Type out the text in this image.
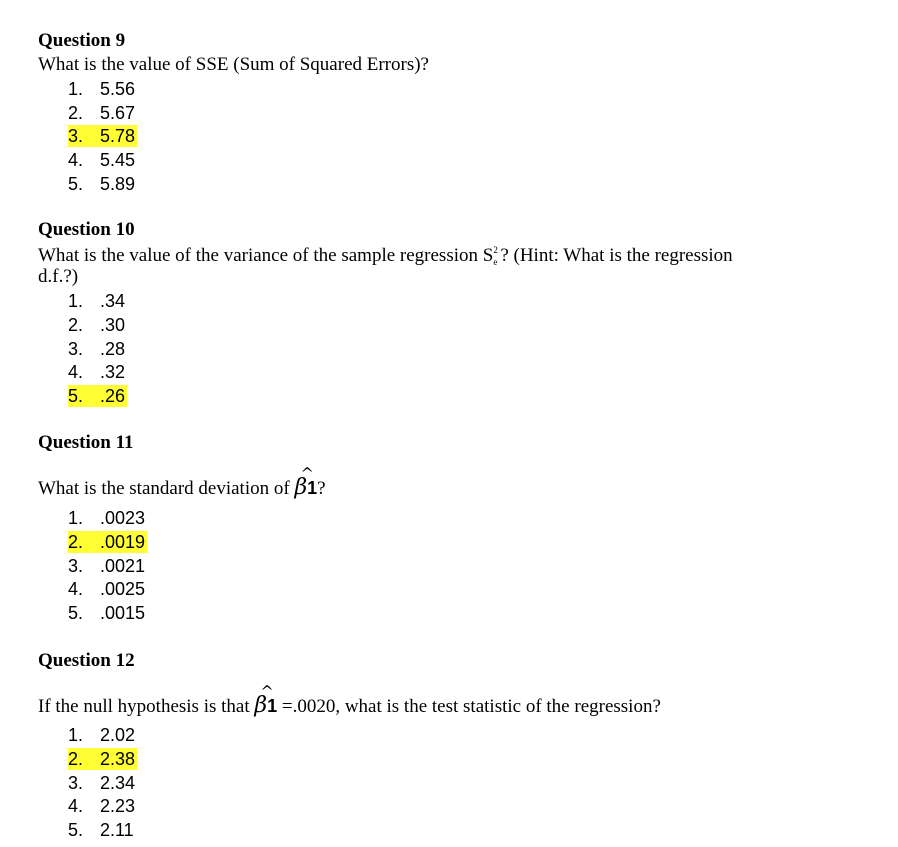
Question 9
What is the value of SSE (Sum of Squared Errors)?
1. 5.56
2. 5.67
3. 5.78
4. 5.45
5. 5.89
Question 10
What is the value of the variance of the sample regression S 2
e ? (Hint: What is the regression
d.f.?)
1. .34
2. .30
3. .28
4. .32
5. .26
Question 11
What is the standard deviation of
^
β1?
1. .0023
2. .0019
3. .0021
4. .0025
5. .0015
Question 12
If the null hypothesis is that
^
β1 =.0020, what is the test statistic of the regression?
1. 2.02
2. 2.38
3. 2.34
4. 2.23
5. 2.11
